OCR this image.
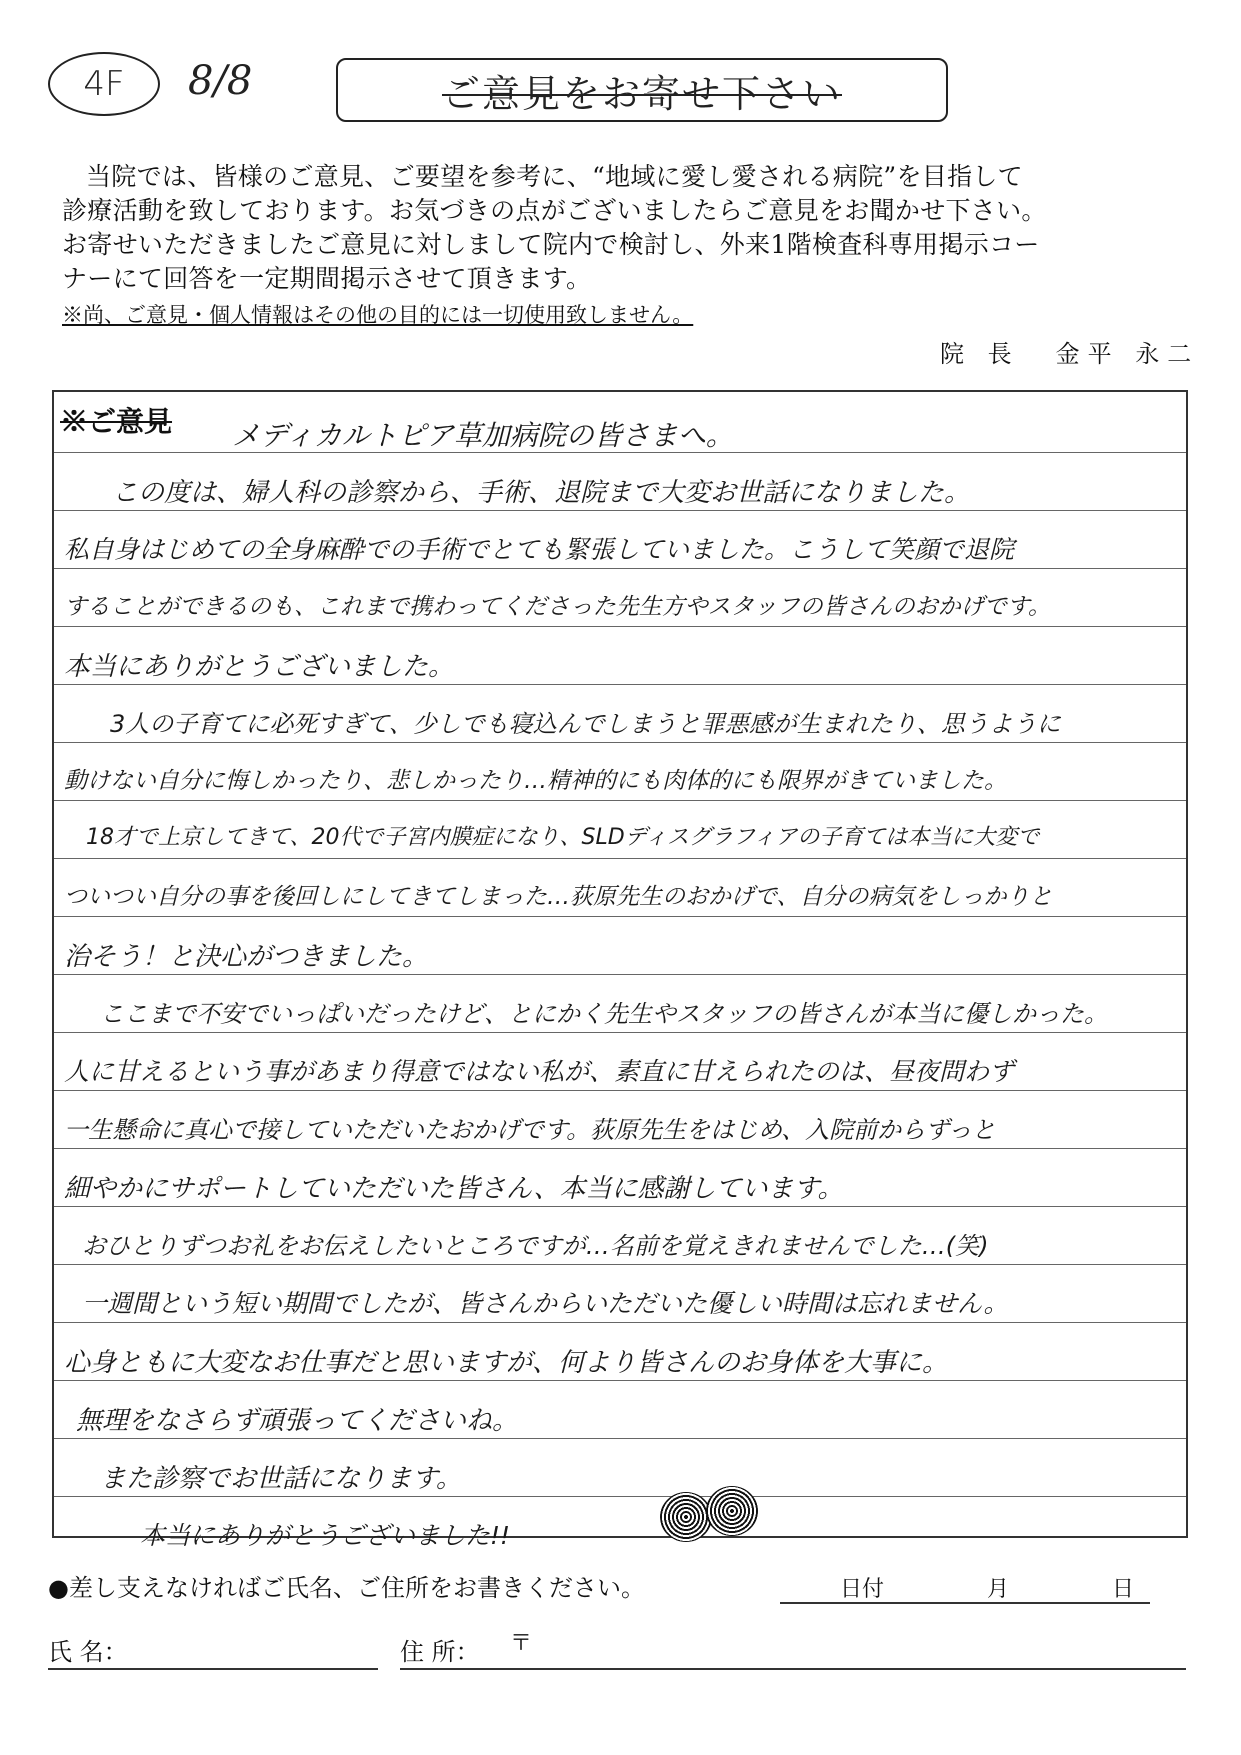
4F	8/8	ご意見をお寄せ下さい
当院では、皆様のご意見、ご要望を参考に、“地域に愛し愛される病院”を目指して
診療活動を致しております。お気づきの点がございましたらご意見をお聞かせ下さい。
お寄せいただきましたご意見に対しまして院内で検討し、外来1階検査科専用掲示コー
ナーにて回答を一定期間掲示させて頂きます。
※尚、ご意見・個人情報はその他の目的には一切使用致しません。
院 長 金平 永二
※ご意見 メディカルトピア草加病院の皆さまへ。
この度は、婦人科の診察から、手術、退院まで大変お世話になりました。
私自身はじめての全身麻酔での手術でとても緊張していました。こうして笑顔で退院
することができるのも、これまで携わってくださった先生方やスタッフの皆さんのおかげです。
本当にありがとうございました。
3人の子育てに必死すぎて、少しでも寝込んでしまうと罪悪感が生まれたり、思うように
動けない自分に悔しかったり、悲しかったり…精神的にも肉体的にも限界がきていました。
18才で上京してきて、20代で子宮内膜症になり、SLDディスグラフィアの子育ては本当に大変で
ついつい自分の事を後回しにしてきてしまった…荻原先生のおかげで、自分の病気をしっかりと
治そう！と決心がつきました。
ここまで不安でいっぱいだったけど、とにかく先生やスタッフの皆さんが本当に優しかった。
人に甘えるという事があまり得意ではない私が、素直に甘えられたのは、昼夜問わず
一生懸命に真心で接していただいたおかげです。荻原先生をはじめ、入院前からずっと
細やかにサポートしていただいた皆さん、本当に感謝しています。
おひとりずつお礼をお伝えしたいところですが…名前を覚えきれませんでした…(笑)
一週間という短い期間でしたが、皆さんからいただいた優しい時間は忘れません。
心身ともに大変なお仕事だと思いますが、何より皆さんのお身体を大事に。
無理をなさらず頑張ってくださいね。
また診察でお世話になります。
本当にありがとうございました!!
●差し支えなければご氏名、ご住所をお書きください。	日付	月	日
氏 名：	住 所： 〒
